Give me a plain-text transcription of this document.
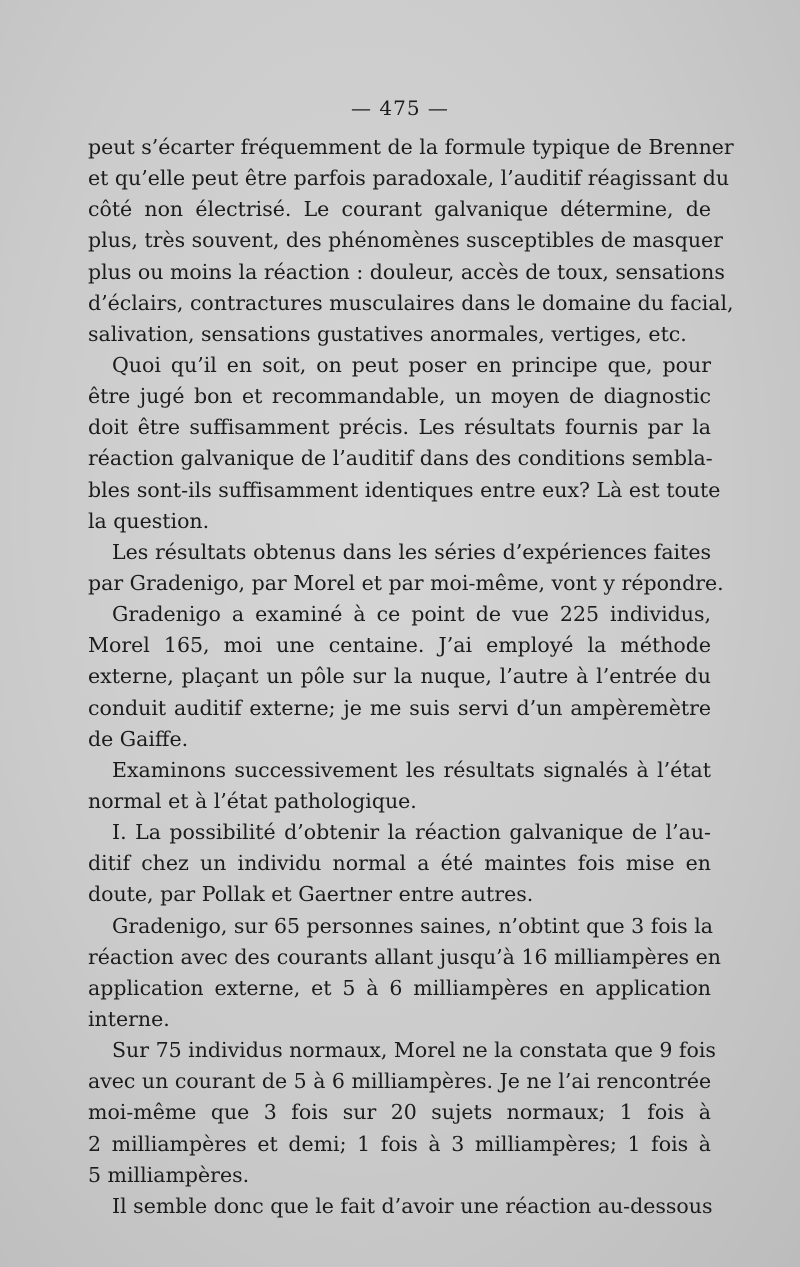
— 475 —
peut s’écarter fréquemment de la formule typique de Brenner
et qu’elle peut être parfois paradoxale, l’auditif réagissant du
côté non électrisé. Le courant galvanique détermine, de
plus, très souvent, des phénomènes susceptibles de masquer
plus ou moins la réaction : douleur, accès de toux, sensations
d’éclairs, contractures musculaires dans le domaine du facial,
salivation, sensations gustatives anormales, vertiges, etc.
Quoi qu’il en soit, on peut poser en principe que, pour
être jugé bon et recommandable, un moyen de diagnostic
doit être suffisamment précis. Les résultats fournis par la
réaction galvanique de l’auditif dans des conditions sembla-
bles sont-ils suffisamment identiques entre eux? Là est toute
la question.
Les résultats obtenus dans les séries d’expériences faites
par Gradenigo, par Morel et par moi-même, vont y répondre.
Gradenigo a examiné à ce point de vue 225 individus,
Morel 165, moi une centaine. J’ai employé la méthode
externe, plaçant un pôle sur la nuque, l’autre à l’entrée du
conduit auditif externe; je me suis servi d’un ampèremètre
de Gaiffe.
Examinons successivement les résultats signalés à l’état
normal et à l’état pathologique.
I. La possibilité d’obtenir la réaction galvanique de l’au-
ditif chez un individu normal a été maintes fois mise en
doute, par Pollak et Gaertner entre autres.
Gradenigo, sur 65 personnes saines, n’obtint que 3 fois la
réaction avec des courants allant jusqu’à 16 milliampères en
application externe, et 5 à 6 milliampères en application
interne.
Sur 75 individus normaux, Morel ne la constata que 9 fois
avec un courant de 5 à 6 milliampères. Je ne l’ai rencontrée
moi-même que 3 fois sur 20 sujets normaux; 1 fois à
2 milliampères et demi; 1 fois à 3 milliampères; 1 fois à
5 milliampères.
Il semble donc que le fait d’avoir une réaction au-dessous
